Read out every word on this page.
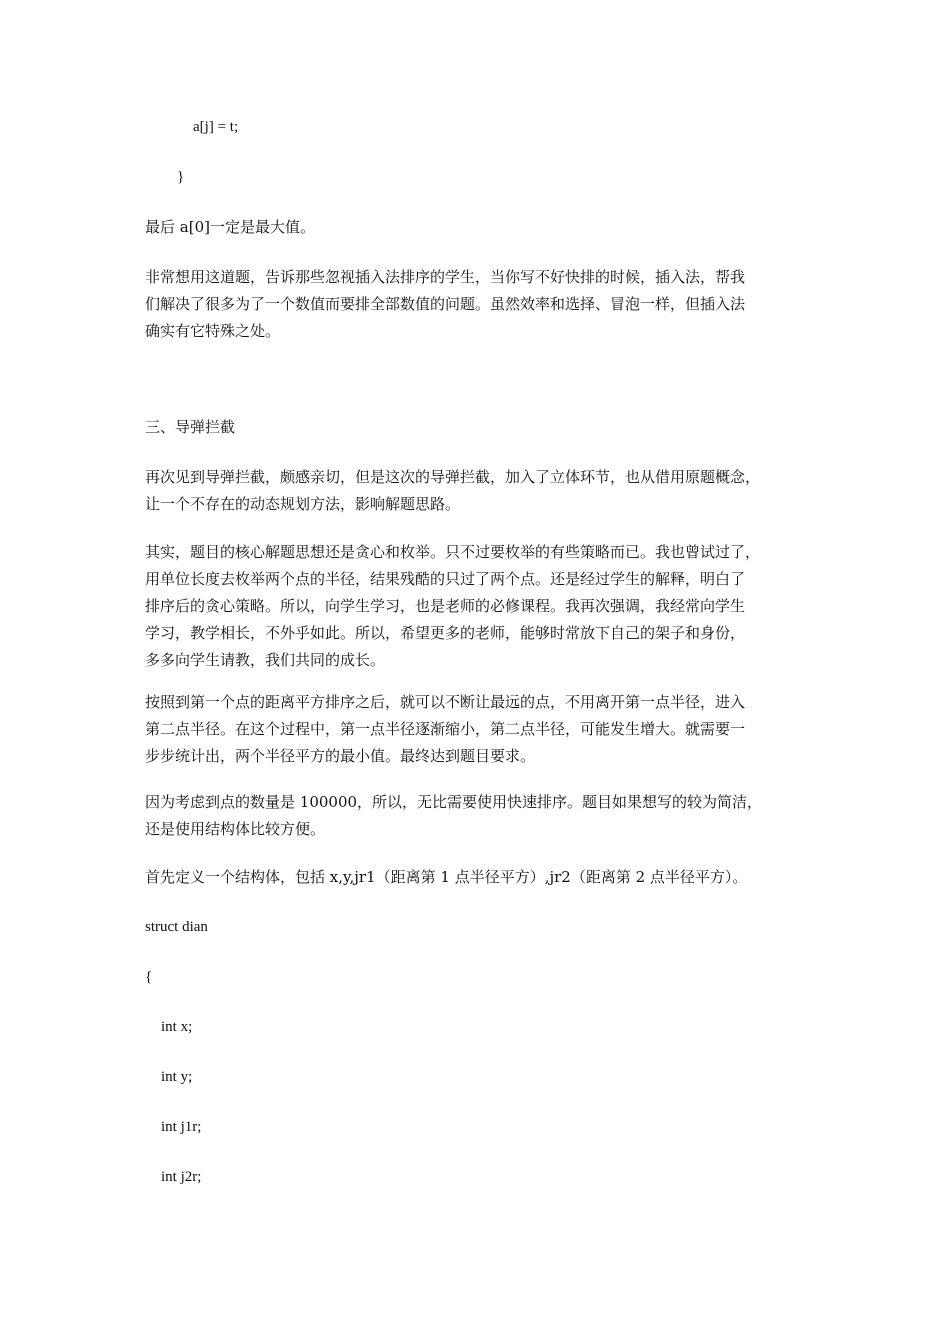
a[j] = t;
}
最后 a[0]一定是最大值。
非常想用这道题，告诉那些忽视插入法排序的学生，当你写不好快排的时候，插入法，帮我
们解决了很多为了一个数值而要排全部数值的问题。虽然效率和选择、冒泡一样，但插入法
确实有它特殊之处。
三、导弹拦截
再次见到导弹拦截，颇感亲切，但是这次的导弹拦截，加入了立体环节，也从借用原题概念，
让一个不存在的动态规划方法，影响解题思路。
其实，题目的核心解题思想还是贪心和枚举。只不过要枚举的有些策略而已。我也曾试过了，
用单位长度去枚举两个点的半径，结果残酷的只过了两个点。还是经过学生的解释，明白了
排序后的贪心策略。所以，向学生学习，也是老师的必修课程。我再次强调，我经常向学生
学习，教学相长，不外乎如此。所以，希望更多的老师，能够时常放下自己的架子和身份，
多多向学生请教，我们共同的成长。
按照到第一个点的距离平方排序之后，就可以不断让最远的点，不用离开第一点半径，进入
第二点半径。在这个过程中，第一点半径逐渐缩小，第二点半径，可能发生增大。就需要一
步步统计出，两个半径平方的最小值。最终达到题目要求。
因为考虑到点的数量是 100000，所以，无比需要使用快速排序。题目如果想写的较为简洁，
还是使用结构体比较方便。
首先定义一个结构体，包括 x,y,jr1（距离第 1 点半径平方）,jr2（距离第 2 点半径平方）。
struct dian
{
int x;
int y;
int j1r;
int j2r;
